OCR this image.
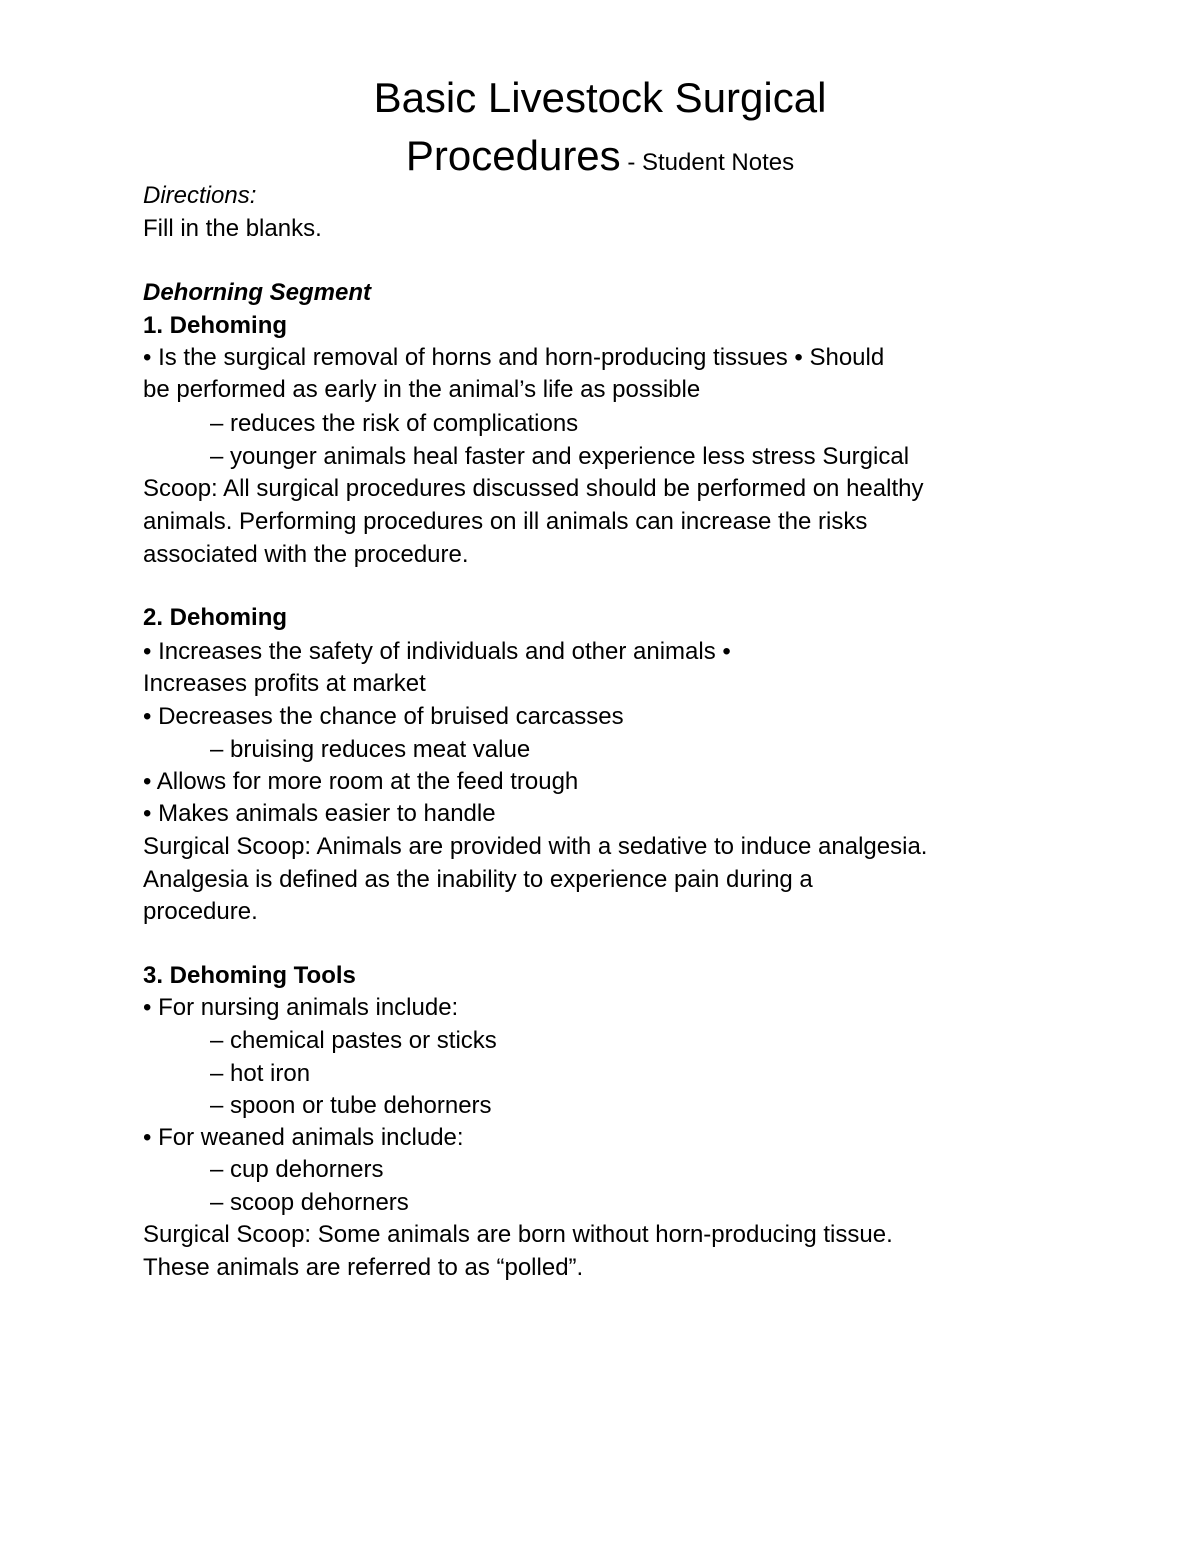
Basic Livestock Surgical
Procedures - Student Notes
Directions:
Fill in the blanks.
Dehorning Segment
1. Dehoming
• Is the surgical removal of horns and horn-producing tissues • Should
be performed as early in the animal’s life as possible
– reduces the risk of complications
– younger animals heal faster and experience less stress Surgical
Scoop: All surgical procedures discussed should be performed on healthy
animals. Performing procedures on ill animals can increase the risks
associated with the procedure.
2. Dehoming
• Increases the safety of individuals and other animals •
Increases profits at market
• Decreases the chance of bruised carcasses
– bruising reduces meat value
• Allows for more room at the feed trough
• Makes animals easier to handle
Surgical Scoop: Animals are provided with a sedative to induce analgesia.
Analgesia is defined as the inability to experience pain during a
procedure.
3. Dehoming Tools
• For nursing animals include:
– chemical pastes or sticks
– hot iron
– spoon or tube dehorners
• For weaned animals include:
– cup dehorners
– scoop dehorners
Surgical Scoop: Some animals are born without horn-producing tissue.
These animals are referred to as “polled”.
